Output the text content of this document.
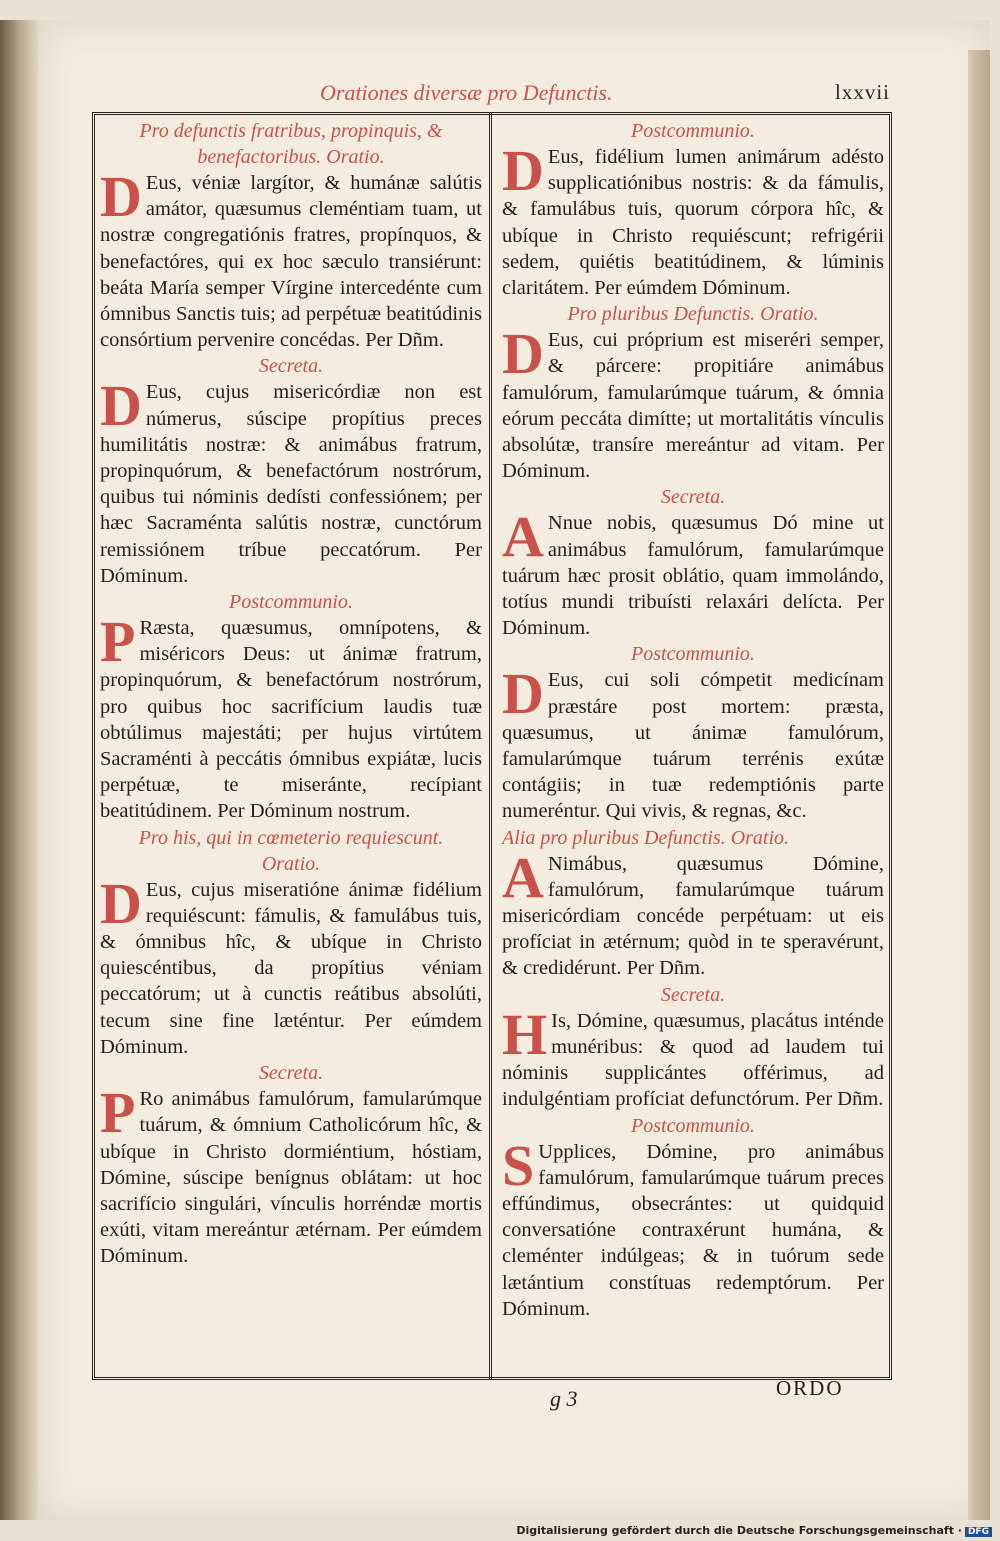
Orationes diversæ pro Defunctis.	lxxvii

Pro defunctis fratribus, propinquis, & benefactoribus. Oratio.

D Eus, véniæ largítor, & humánæ salútis amátor, quæsumus cleméntiam tuam, ut nostræ congregatiónis fratres, propínquos, & benefactóres, qui ex hoc sæculo transiérunt: beáta María semper Vírgine intercedénte cum ómnibus Sanctis tuis; ad perpétuæ beatitúdinis consórtium pervenire concédas. Per Dñm.

Secreta.

D Eus, cujus misericórdiæ non est númerus, súscipe propítius preces humilitátis nostræ: & animábus fratrum, propinquórum, & benefactórum nostrórum, quibus tui nóminis dedísti confessiónem; per hæc Sacraménta salútis nostræ, cunctórum remissiónem tríbue peccatórum. Per Dóminum.

Postcommunio.

P Ræsta, quæsumus, omnípotens, & miséricors Deus: ut ánimæ fratrum, propinquórum, & benefactórum nostrórum, pro quibus hoc sacrifícium laudis tuæ obtúlimus majestáti; per hujus virtútem Sacraménti à peccátis ómnibus expiátæ, lucis perpétuæ, te miseránte, recípiant beatitúdinem. Per Dóminum nostrum.

Pro his, qui in cœmeterio requiescunt.

Oratio.

D Eus, cujus miseratióne ánimæ fidélium requiéscunt: fámulis, & famulábus tuis, & ómnibus hîc, & ubíque in Christo quiescéntibus, da propítius véniam peccatórum; ut à cunctis reátibus absolúti, tecum sine fine læténtur. Per eúmdem Dóminum.

Secreta.

P Ro animábus famulórum, famularúmque tuárum, & ómnium Catholicórum hîc, & ubíque in Christo dormiéntium, hóstiam, Dómine, súscipe benígnus oblátam: ut hoc sacrifício singulári, vínculis horréndæ mortis exúti, vitam mereántur ætérnam. Per eúmdem Dóminum.

Postcommunio.

D Eus, fidélium lumen animárum adésto supplicatiónibus nostris: & da fámulis, & famulábus tuis, quorum córpora hîc, & ubíque in Christo requiéscunt; refrigérii sedem, quiétis beatitúdinem, & lúminis claritátem. Per eúmdem Dóminum.

Pro pluribus Defunctis. Oratio.

D Eus, cui próprium est miseréri semper, & párcere: propitiáre animábus famulórum, famularúmque tuárum, & ómnia eórum peccáta dimítte; ut mortalitátis vínculis absolútæ, transíre mereántur ad vitam. Per Dóminum.

Secreta.

A Nnue nobis, quæsumus Dó mine ut animábus famulórum, famularúmque tuárum hæc prosit oblátio, quam immolándo, totíus mundi tribuísti relaxári delícta. Per Dóminum.

Postcommunio.

D Eus, cui soli cómpetit medicínam præstáre post mortem: præsta, quæsumus, ut ánimæ famulórum, famularúmque tuárum terrénis exútæ contágiis; in tuæ redemptiónis parte numeréntur. Qui vivis, & regnas, &c.

Alia pro pluribus Defunctis. Oratio.

A Nimábus, quæsumus Dómine, famulórum, famularúmque tuárum misericórdiam concéde perpétuam: ut eis profíciat in ætérnum; quòd in te speravérunt, & credidérunt. Per Dñm.

Secreta.

H Is, Dómine, quæsumus, placátus inténde munéribus: & quod ad laudem tui nóminis supplicántes offérimus, ad indulgéntiam profíciat defunctórum. Per Dñm.

Postcommunio.

S Upplices, Dómine, pro animábus famulórum, famularúmque tuárum preces effúndimus, obsecrántes: ut quidquid conversatióne contraxérunt humána, & cleménter indúlgeas; & in tuórum sede lætántium constítuas redemptórum. Per Dóminum.

g 3	ORDO
Digitalisierung gefördert durch die Deutsche Forschungsgemeinschaft · DFG
